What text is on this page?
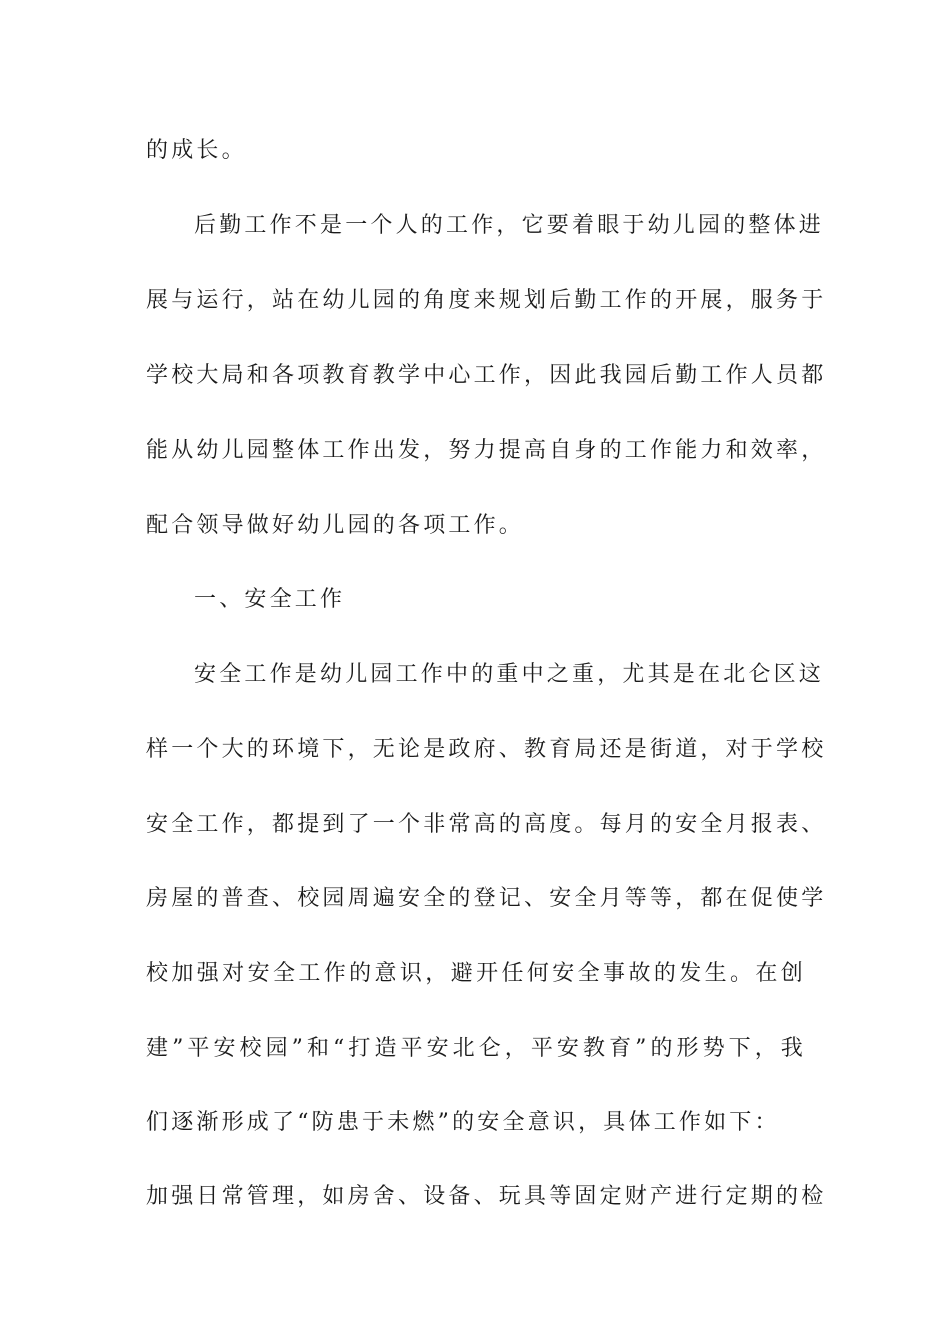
的成长。
后勤工作不是一个人的工作，它要着眼于幼儿园的整体进
展与运行，站在幼儿园的角度来规划后勤工作的开展，服务于
学校大局和各项教育教学中心工作，因此我园后勤工作人员都
能从幼儿园整体工作出发，努力提高自身的工作能力和效率，
配合领导做好幼儿园的各项工作。
一、安全工作
安全工作是幼儿园工作中的重中之重，尤其是在北仑区这
样一个大的环境下，无论是政府、教育局还是街道，对于学校
安全工作，都提到了一个非常高的高度。每月的安全月报表、
房屋的普查、校园周遍安全的登记、安全月等等，都在促使学
校加强对安全工作的意识，避开任何安全事故的发生。在创
建”平安校园”和“打造平安北仑，平安教育”的形势下，我
们逐渐形成了“防患于未燃”的安全意识，具体工作如下：
加强日常管理，如房舍、设备、玩具等固定财产进行定期的检
